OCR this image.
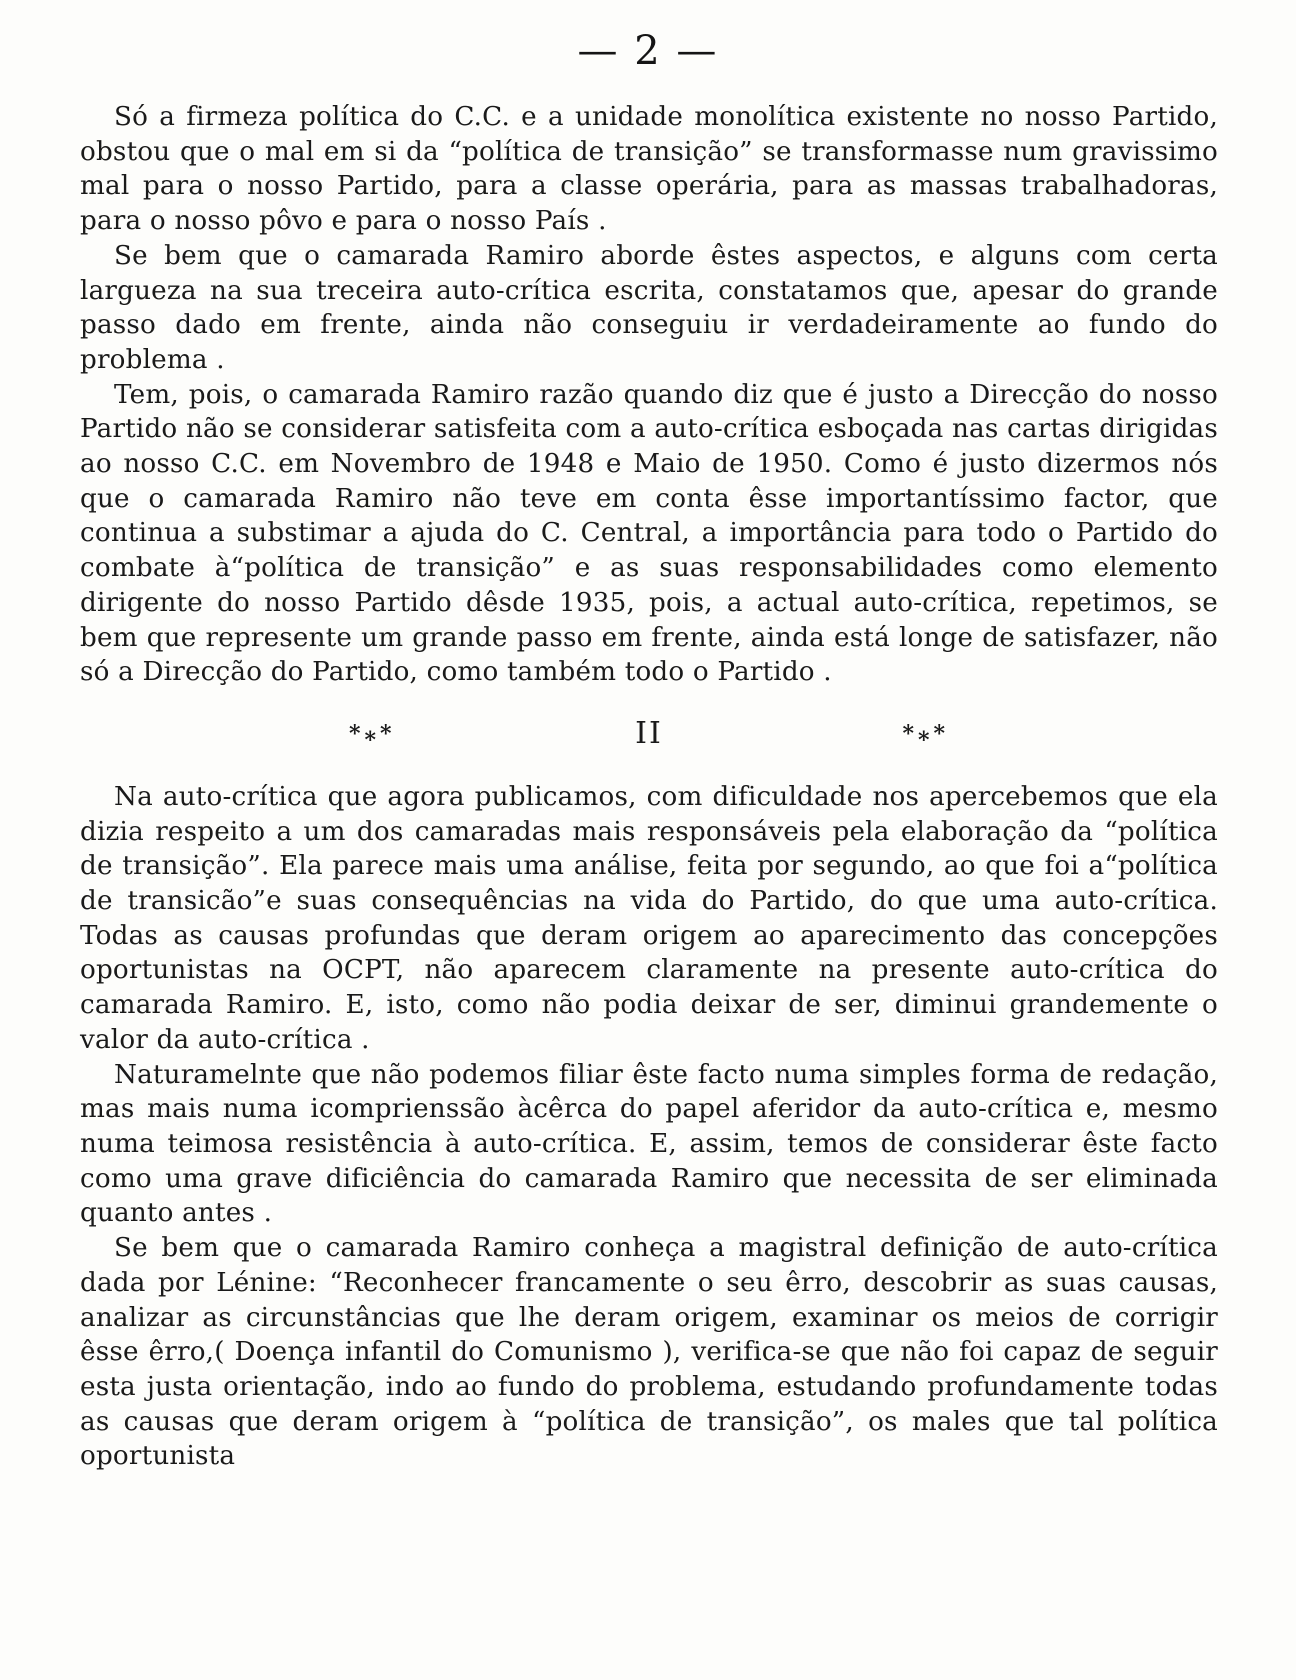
— 2 —

Só a firmeza política do C.C. e a unidade monolítica existente no nosso Partido, obstou que o mal em si da “política de transição” se transformasse num gravissimo mal para o nosso Partido, para a classe operária, para as massas trabalhadoras, para o nosso pôvo e para o nosso País .

Se bem que o camarada Ramiro aborde êstes aspectos, e alguns com certa largueza na sua treceira auto-crítica escrita, constatamos que, apesar do grande passo dado em frente, ainda não conseguiu ir verdadeiramente ao fundo do problema .

Tem, pois, o camarada Ramiro razão quando diz que é justo a Direcção do nosso Partido não se considerar satisfeita com a auto-crítica esboçada nas cartas dirigidas ao nosso C.C. em Novembro de 1948 e Maio de 1950. Como é justo dizermos nós que o camarada Ramiro não teve em conta êsse importantíssimo factor, que continua a substimar a ajuda do C. Central, a importância para todo o Partido do combate à“política de transição” e as suas responsabilidades como elemento dirigente do nosso Partido dêsde 1935, pois, a actual auto-crítica, repetimos, se bem que represente um grande passo em frente, ainda está longe de satisfazer, não só a Direcção do Partido, como também todo o Partido .

*⁎*	II	*⁎*

Na auto-crítica que agora publicamos, com dificuldade nos apercebemos que ela dizia respeito a um dos camaradas mais responsáveis pela elaboração da “política de transição”. Ela parece mais uma análise, feita por segundo, ao que foi a“política de transicão”e suas consequências na vida do Partido, do que uma auto-crítica. Todas as causas profundas que deram origem ao aparecimento das concepções oportunistas na OCPT, não aparecem claramente na presente auto-crítica do camarada Ramiro. E, isto, como não podia deixar de ser, diminui grandemente o valor da auto-crítica .

Naturamelnte que não podemos filiar êste facto numa simples forma de redação, mas mais numa icomprienssão àcêrca do papel aferidor da auto-crítica e, mesmo numa teimosa resistência à auto-crítica. E, assim, temos de considerar êste facto como uma grave dificiência do camarada Ramiro que necessita de ser eliminada quanto antes .

Se bem que o camarada Ramiro conheça a magistral definição de auto-crítica dada por Lénine: “Reconhecer francamente o seu êrro, descobrir as suas causas, analizar as circunstâncias que lhe deram origem, examinar os meios de corrigir êsse êrro,( Doença infantil do Comunismo ), verifica-se que não foi capaz de seguir esta justa orientação, indo ao fundo do problema, estudando profundamente todas as causas que deram origem à “política de transição”, os males que tal política oportunista
